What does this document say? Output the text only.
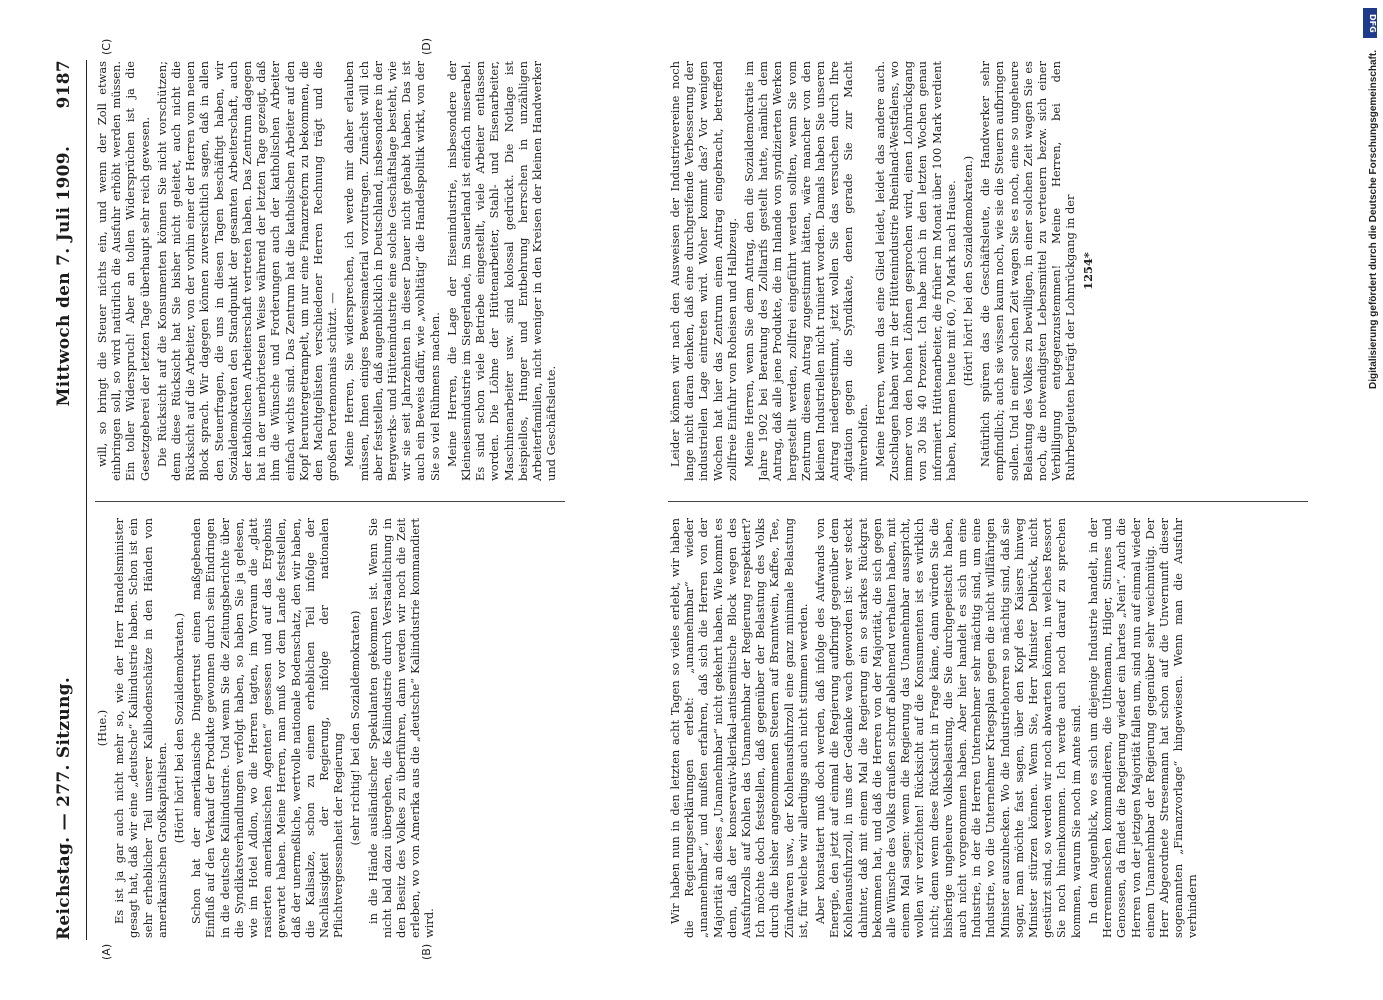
DFG
Digitalisierung gefördert durch die Deutsche Forschungsgemeinschaft.
Reichstag. — 277. Sitzung.
Mittwoch den 7. Juli 1909.      9187
(A)	(B)
(C)	(D)

(Hue.) Es ist ja gar auch nicht mehr so, wie der Herr Handelsminister gesagt hat, daß wir eine „deutsche“ Kaliindustrie haben. Schon ist ein sehr erheblicher Teil unserer Kalibodenschätze in den Händen von amerikanischen Großkapitalisten. (Hört! hört! bei den Sozialdemokraten.) Schon hat der amerikanische Dingertrust einen maßgebenden Einfluß auf den Verkauf der Produkte gewonnen durch sein Eindringen in die deutsche Kaliindustrie. Und wenn Sie die Zeitungsberichte über die Syndikatsverhandlungen verfolgt haben, so haben Sie ja gelesen, wie im Hotel Adlon, wo die Herren tagten, im Vorraum die „glatt rasierten amerikanischen Agenten“ gesessen und auf das Ergebnis gewartet haben. Meine Herren, man muß vor dem Lande feststellen, daß der unermeßliche, wertvolle nationale Bodenschatz, den wir haben, die Kalisalze, schon zu einem erheblichen Teil infolge der Nachlässigkeit der Regierung, infolge der nationalen Pflichtvergessenheit der Regierung (sehr richtig! bei den Sozialdemokraten) in die Hände ausländischer Spekulanten gekommen ist. Wenn Sie nicht bald dazu übergehen, die Kaliindustrie durch Verstaatlichung in den Besitz des Volkes zu überführen, dann werden wir noch die Zeit erleben, wo von Amerika aus die „deutsche“ Kaliindustrie kommandiert wird.

will, so bringt die Steuer nichts ein, und wenn der Zoll etwas einbringen soll, so wird natürlich die Ausfuhr erhöht werden müssen. Ein toller Widerspruch! Aber an tollen Widersprüchen ist ja die Gesetzgeberei der letzten Tage überhaupt sehr reich gewesen. Die Rücksicht auf die Konsumenten können Sie nicht vorschützen; denn diese Rücksicht hat Sie bisher nicht geleitet, auch nicht die Rücksicht auf die Arbeiter, von der vorhin einer der Herren vom neuen Block sprach. Wir dagegen können zuversichtlich sagen, daß in allen den Steuerfragen, die uns in diesen Tagen beschäftigt haben, wir Sozialdemokraten den Standpunkt der gesamten Arbeiterschaft, auch der katholischen Arbeiterschaft vertreten haben. Das Zentrum dagegen hat in der unerhörtesten Weise während der letzten Tage gezeigt, daß ihm die Wünsche und Forderungen auch der katholischen Arbeiter einfach wichts sind. Das Zentrum hat die katholischen Arbeiter auf den Kopf heruntergetrampelt, um nur eine Finanzreform zu bekommen, die den Machtgelüsten verschiedener Herren Rechnung trägt und die großen Portemonnais schützt. — Meine Herren, Sie widersprechen, ich werde mir daher erlauben müssen, Ihnen einiges Beweismaterial vorzutragen. Zunächst will ich aber feststellen, daß augenblicklich in Deutschland, insbesondere in der Bergwerks- und Hüttenindustrie eine solche Geschäftslage besteht, wie wir sie seit Jahrzehnten in dieser Dauer nicht gehabt haben. Das ist auch ein Beweis dafür, wie „wohltätig“ die Handelspolitik wirkt, von der Sie so viel Rühmens machen. Meine Herren, die Lage der Eisenindustrie, insbesondere der Kleineisenindustrie im Siegerlande, im Sauerland ist einfach miserabel. Es sind schon viele Betriebe eingestellt, viele Arbeiter entlassen worden. Die Löhne der Hüttenarbeiter, Stahl- und Eisenarbeiter, Maschinenarbeiter usw. sind kolossal gedrückt. Die Notlage ist beispiellos, Hunger und Entbehrung herrschen in unzähligen Arbeiterfamilien, nicht weniger in den Kreisen der kleinen Handwerker und Geschäftsleute.

Wir haben nun in den letzten acht Tagen so vieles erlebt, wir haben die Regierungserklärungen erlebt: „unannehmbar“ wieder „unannehmbar“, und mußten erfahren, daß sich die Herren von der Majorität an dieses „Unannehmbar“ nicht gekehrt haben. Wie kommt es denn, daß der konservativ-klerikal-antisemitische Block wegen des Ausfuhrzolls auf Kohlen das Unannehmbar der Regierung respektiert? Ich möchte doch feststellen, daß gegenüber der Belastung des Volks durch die bisher angenommenen Steuern auf Branntwein, Kaffee, Tee, Zündwaren usw., der Kohlenausfuhrzoll eine ganz minimale Belastung ist, für welche wir allerdings auch nicht stimmen werden. Aber konstatiert muß doch werden, daß infolge des Aufwands von Energie, den jetzt auf einmal die Regierung aufbringt gegenüber dem Kohlenausfuhrzoll, in uns der Gedanke wach geworden ist: wer steckt dahinter, daß mit einem Mal die Regierung ein so starkes Rückgrat bekommen hat, und daß die Herren von der Majorität, die sich gegen alle Wünsche des Volks draußen schroff ablehnend verhalten haben, mit einem Mal sagen: wenn die Regierung das Unannehmbar ausspricht, wollen wir verzichten! Rücksicht auf die Konsumenten ist es wirklich nicht; denn wenn diese Rücksicht in Frage käme, dann würden Sie die bisherige ungeheure Volksbelastung, die Sie durchgepeitscht haben, auch nicht vorgenommen haben. Aber hier handelt es sich um eine Industrie, in der die Herren Unternehmer sehr mächtig sind, um eine Industrie, wo die Unternehmer Kriegsplan gegen die nicht willfährigen Minister auszuhecken. Wo die Industriehorren so mächtig sind, daß sie sogar, man möchte fast sagen, über den Kopf des Kaisers hinweg Minister stürzen können. Wenn Sie, Herr Minister Delbrück, nicht gestürzt sind, so werden wir noch abwarten können, in welches Ressort Sie noch hineinkommen. Ich werde auch noch darauf zu sprechen kommen, warum Sie noch im Amte sind. In dem Augenblick, wo es sich um diejenige Industrie handelt, in der Herrenmenschen kommandieren, die Ulthemann, Hilger, Stinnes und Genossen, da findet die Regierung wieder ein hartes „Nein“. Auch die Herren von der jetzigen Majorität fallen um, sind nun auf einmal wieder einem Unannehmbar der Regierung gegenüber sehr weichmütig. Der Herr Abgeordnete Stresemann hat schon auf die Unvernunft dieser sogenannten „Finanzvorlage“ hingewiesen. Wenn man die Ausfuhr verhindern

Leider können wir nach den Ausweisen der Industrievereine noch lange nicht daran denken, daß eine durchgreifende Verbesserung der industriellen Lage eintreten wird. Woher kommt das? Vor wenigen Wochen hat hier das Zentrum einen Antrag eingebracht, betreffend zollfreie Einfuhr von Roheisen und Halbzeug. Meine Herren, wenn Sie dem Antrag, den die Sozialdemokratie im Jahre 1902 bei Beratung des Zolltarifs gestellt hatte, nämlich dem Antrag, daß alle jene Produkte, die im Inlande von syndizierten Werken hergestellt werden, zollfrei eingeführt werden sollten, wenn Sie vom Zentrum diesem Antrag zugestimmt hätten, wäre mancher von den kleinen Industriellen nicht ruiniert worden. Damals haben Sie unseren Antrag niedergestimmt, jetzt wollen Sie das versuchen durch Ihre Agitation gegen die Syndikate, denen gerade Sie zur Macht mitverholfen. Meine Herren, wenn das eine Glied leidet, leidet das andere auch. Zuschlagen haben wir in der Hüttenindustrie Rheinland-Westfalens, wo immer von den hohen Löhnen gesprochen wird, einen Lohnrückgang von 30 bis 40 Prozent. Ich habe mich in den letzten Wochen genau informiert. Hüttenarbeiter, die früher im Monat über 100 Mark verdient haben, kommen heute mit 60, 70 Mark nach Hause. (Hört! hört! bei den Sozialdemokraten.) Natürlich spüren das die Geschäftsleute, die Handwerker sehr empfindlich; auch sie wissen kaum noch, wie sie die Steuern aufbringen sollen. Und in einer solchen Zeit wagen Sie es noch, eine so ungeheure Belastung des Volkes zu bewilligen, in einer solchen Zeit wagen Sie es noch, die notwendigsten Lebensmittel zu verteuern bezw. sich einer Verbilligung entgegenzustemmen! Meine Herren, bei den Ruhrbergleuten beträgt der Lohnrückgang in der 1254*
